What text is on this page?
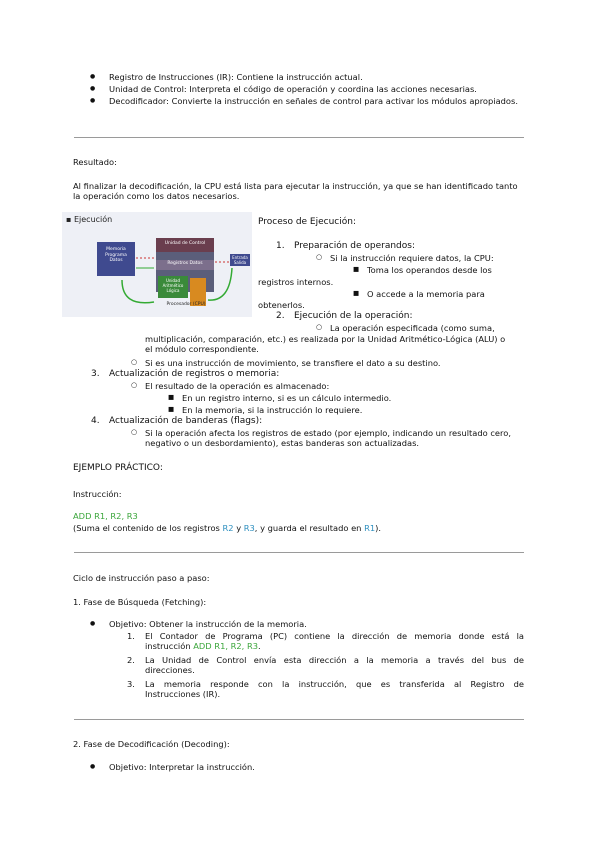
● Registro de Instrucciones (IR): Contiene la instrucción actual.
● Unidad de Control: Interpreta el código de operación y coordina las acciones necesarias.
● Decodificador: Convierte la instrucción en señales de control para activar los módulos apropiados.
Resultado:
Al finalizar la decodificación, la CPU está lista para ejecutar la instrucción, ya que se han identificado tanto la operación como los datos necesarios.
▪ Ejecución
Memoria Programa Datos
Unidad de Control
Registros Datos
Unidad Aritmético Lógica
Procesador (CPU)
Entrada Salida
Proceso de Ejecución:
1. Preparación de operandos:
○ Si la instrucción requiere datos, la CPU:
■ Toma los operandos desde los
registros internos.
■ O accede a la memoria para
obtenerlos.
2. Ejecución de la operación:
○ La operación especificada (como suma,
multiplicación, comparación, etc.) es realizada por la Unidad Aritmético-Lógica (ALU) o el módulo correspondiente.
○ Si es una instrucción de movimiento, se transfiere el dato a su destino.
3. Actualización de registros o memoria:
○ El resultado de la operación es almacenado:
■ En un registro interno, si es un cálculo intermedio.
■ En la memoria, si la instrucción lo requiere.
4. Actualización de banderas (flags):
○ Si la operación afecta los registros de estado (por ejemplo, indicando un resultado cero, negativo o un desbordamiento), estas banderas son actualizadas.
EJEMPLO PRÁCTICO:
Instrucción:
ADD R1, R2, R3
(Suma el contenido de los registros R2 y R3, y guarda el resultado en R1).
Ciclo de instrucción paso a paso:
1. Fase de Búsqueda (Fetching):
● Objetivo: Obtener la instrucción de la memoria.
1. El Contador de Programa (PC) contiene la dirección de memoria donde está la
instrucción ADD R1, R2, R3.
2. La Unidad de Control envía esta dirección a la memoria a través del bus de
direcciones.
3. La memoria responde con la instrucción, que es transferida al Registro de
Instrucciones (IR).
2. Fase de Decodificación (Decoding):
● Objetivo: Interpretar la instrucción.
